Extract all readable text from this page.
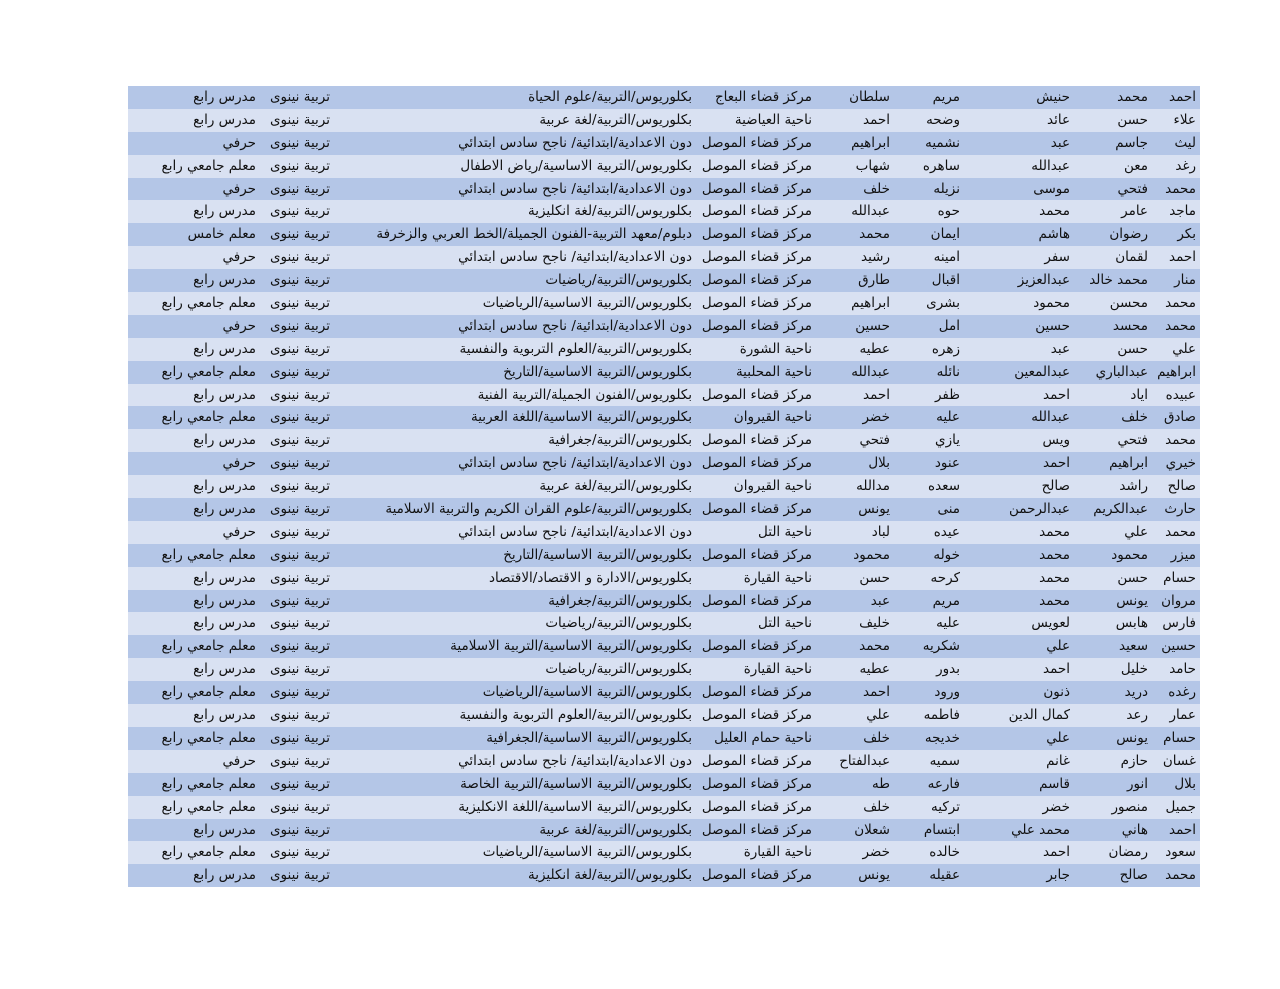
احمد
محمد
حنيش
مريم
سلطان
مركز قضاء البعاج
بكلوريوس/التربية/علوم الحياة
تربية نينوى
مدرس رابع
علاء
حسن
عائد
وضحه
احمد
ناحية العياضية
بكلوريوس/التربية/لغة عربية
تربية نينوى
مدرس رابع
ليث
جاسم
عبد
نشميه
ابراهيم
مركز قضاء الموصل
دون الاعدادية/ابتدائية/ ناجح سادس ابتدائي
تربية نينوى
حرفي
رغد
معن
عبدالله
ساهره
شهاب
مركز قضاء الموصل
بكلوريوس/التربية الاساسية/رياض الاطفال
تربية نينوى
معلم جامعي رابع
محمد
فتحي
موسى
نزيله
خلف
مركز قضاء الموصل
دون الاعدادية/ابتدائية/ ناجح سادس ابتدائي
تربية نينوى
حرفي
ماجد
عامر
محمد
حوه
عبدالله
مركز قضاء الموصل
بكلوريوس/التربية/لغة انكليزية
تربية نينوى
مدرس رابع
بكر
رضوان
هاشم
ايمان
محمد
مركز قضاء الموصل
دبلوم/معهد التربية-الفنون الجميلة/الخط العربي والزخرفة
تربية نينوى
معلم خامس
احمد
لقمان
سفر
امينه
رشيد
مركز قضاء الموصل
دون الاعدادية/ابتدائية/ ناجح سادس ابتدائي
تربية نينوى
حرفي
منار
محمد خالد
عبدالعزيز
اقبال
طارق
مركز قضاء الموصل
بكلوريوس/التربية/رياضيات
تربية نينوى
مدرس رابع
محمد
محسن
محمود
بشرى
ابراهيم
مركز قضاء الموصل
بكلوريوس/التربية الاساسية/الرياضيات
تربية نينوى
معلم جامعي رابع
محمد
محسد
حسين
امل
حسين
مركز قضاء الموصل
دون الاعدادية/ابتدائية/ ناجح سادس ابتدائي
تربية نينوى
حرفي
علي
حسن
عبد
زهره
عطيه
ناحية الشورة
بكلوريوس/التربية/العلوم التربوية والنفسية
تربية نينوى
مدرس رابع
ابراهيم
عبدالباري
عبدالمعين
نائله
عبدالله
ناحية المحلبية
بكلوريوس/التربية الاساسية/التاريخ
تربية نينوى
معلم جامعي رابع
عبيده
اياد
احمد
ظفر
احمد
مركز قضاء الموصل
بكلوريوس/الفنون الجميلة/التربية الفنية
تربية نينوى
مدرس رابع
صادق
خلف
عبدالله
عليه
خضر
ناحية القيروان
بكلوريوس/التربية الاساسية/اللغة العربية
تربية نينوى
معلم جامعي رابع
محمد
فتحي
ويس
يازي
فتحي
مركز قضاء الموصل
بكلوريوس/التربية/جغرافية
تربية نينوى
مدرس رابع
خيري
ابراهيم
احمد
عنود
بلال
مركز قضاء الموصل
دون الاعدادية/ابتدائية/ ناجح سادس ابتدائي
تربية نينوى
حرفي
صالح
راشد
صالح
سعده
مدالله
ناحية القيروان
بكلوريوس/التربية/لغة عربية
تربية نينوى
مدرس رابع
حارث
عبدالكريم
عبدالرحمن
منى
يونس
مركز قضاء الموصل
بكلوريوس/التربية/علوم القران الكريم والتربية الاسلامية
تربية نينوى
مدرس رابع
محمد
علي
محمد
عيده
لباد
ناحية التل
دون الاعدادية/ابتدائية/ ناجح سادس ابتدائي
تربية نينوى
حرفي
ميزر
محمود
محمد
خوله
محمود
مركز قضاء الموصل
بكلوريوس/التربية الاساسية/التاريخ
تربية نينوى
معلم جامعي رابع
حسام
حسن
محمد
كرحه
حسن
ناحية القيارة
بكلوريوس/الادارة و الاقتصاد/الاقتصاد
تربية نينوى
مدرس رابع
مروان
يونس
محمد
مريم
عبد
مركز قضاء الموصل
بكلوريوس/التربية/جغرافية
تربية نينوى
مدرس رابع
فارس
هابس
لعويس
عليه
خليف
ناحية التل
بكلوريوس/التربية/رياضيات
تربية نينوى
مدرس رابع
حسين
سعيد
علي
شكريه
محمد
مركز قضاء الموصل
بكلوريوس/التربية الاساسية/التربية الاسلامية
تربية نينوى
معلم جامعي رابع
حامد
خليل
احمد
بدور
عطيه
ناحية القيارة
بكلوريوس/التربية/رياضيات
تربية نينوى
مدرس رابع
رغده
دريد
ذنون
ورود
احمد
مركز قضاء الموصل
بكلوريوس/التربية الاساسية/الرياضيات
تربية نينوى
معلم جامعي رابع
عمار
رعد
كمال الدين
فاطمه
علي
مركز قضاء الموصل
بكلوريوس/التربية/العلوم التربوية والنفسية
تربية نينوى
مدرس رابع
حسام
يونس
علي
خديجه
خلف
ناحية حمام العليل
بكلوريوس/التربية الاساسية/الجغرافية
تربية نينوى
معلم جامعي رابع
غسان
حازم
غانم
سميه
عبدالفتاح
مركز قضاء الموصل
دون الاعدادية/ابتدائية/ ناجح سادس ابتدائي
تربية نينوى
حرفي
بلال
انور
قاسم
فارعه
طه
مركز قضاء الموصل
بكلوريوس/التربية الاساسية/التربية الخاصة
تربية نينوى
معلم جامعي رابع
جميل
منصور
خضر
تركيه
خلف
مركز قضاء الموصل
بكلوريوس/التربية الاساسية/اللغة الانكليزية
تربية نينوى
معلم جامعي رابع
احمد
هاني
محمد علي
ابتسام
شعلان
مركز قضاء الموصل
بكلوريوس/التربية/لغة عربية
تربية نينوى
مدرس رابع
سعود
رمضان
احمد
خالده
خضر
ناحية القيارة
بكلوريوس/التربية الاساسية/الرياضيات
تربية نينوى
معلم جامعي رابع
محمد
صالح
جابر
عقيله
يونس
مركز قضاء الموصل
بكلوريوس/التربية/لغة انكليزية
تربية نينوى
مدرس رابع
